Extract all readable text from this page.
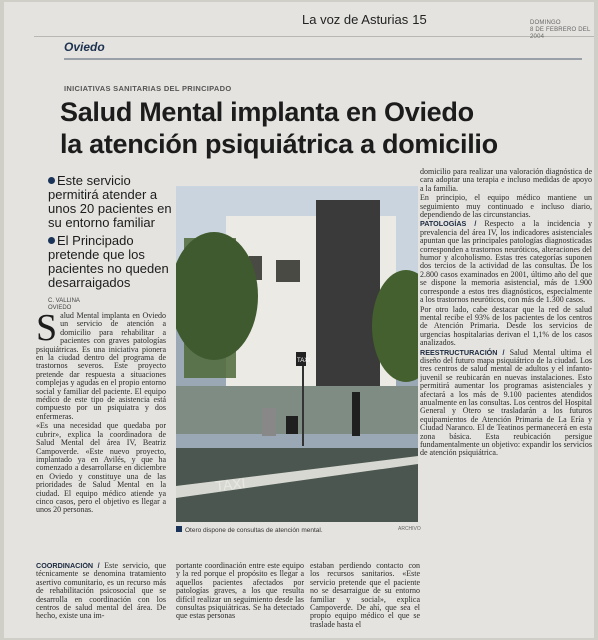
La voz de Asturias 15	DOMINGO
8 DE FEBRERO DEL 2004
Oviedo
INICIATIVAS SANITARIAS DEL PRINCIPADO
Salud Mental implanta en Oviedo
la atención psiquiátrica a domicilio
Este servicio permitirá atender a unos 20 pacientes en su entorno familiar
El Principado pretende que los pacientes no queden desarraigados
C. VALLINA
OVIEDO
S alud Mental implanta en Oviedo un servicio de atención a domicilio para rehabilitar a pacientes con graves patologías psiquiátricas. Es una iniciativa pionera en la ciudad dentro del programa de trastornos severos. Este proyecto pretende dar respuesta a situaciones complejas y agudas en el propio entorno social y familiar del paciente. El equipo médico de este tipo de asistencia está compuesto por un psiquiatra y dos enfermeras.

«Es una necesidad que quedaba por cubrir», explica la coordinadora de Salud Mental del área IV, Beatriz Campoverde. «Este nuevo proyecto, implantado ya en Avilés, y que ha comenzado a desarrollarse en diciembre en Oviedo y constituye una de las prioridades de Salud Mental en la ciudad. El equipo médico atiende ya cinco casos, pero el objetivo es llegar a unos 20 personas.

domicilio para realizar una valoración diagnóstica de cara adoptar una terapia e incluso medidas de apoyo a la familia.

En principio, el equipo médico mantiene un seguimiento muy continuado e incluso diario, dependiendo de las circunstancias.

PATOLOGÍAS / Respecto a la incidencia y prevalencia del área IV, los indicadores asistenciales apuntan que las principales patologías diagnosticadas corresponden a trastornos neuróticos, alteraciones del humor y alcoholismo. Estas tres categorías suponen dos tercios de la actividad de las consultas. De los 2.800 casos examinados en 2001, último año del que se dispone la memoria asistencial, más de 1.900 corresponde a estos tres diagnósticos, especialmente a los trastornos neuróticos, con más de 1.300 casos.

Por otro lado, cabe destacar que la red de salud mental recibe el 93% de los pacientes de los centros de Atención Primaria. Desde los servicios de urgencias hospitalarias derivan el 1,1% de los casos analizados.

REESTRUCTURACIÓN / Salud Mental ultima el diseño del futuro mapa psiquiátrico de la ciudad. Los tres centros de salud mental de adultos y el infanto-juvenil se reubicarán en nuevas instalaciones. Esto permitirá aumentar los programas asistenciales y afectará a los más de 9.100 pacientes atendidos anualmente en las consultas. Los centros del Hospital General y Otero se trasladarán a los futuros equipamientos de Atención Primaria de La Ería y Ciudad Naranco. El de Teatinos permanecerá en esta zona básica. Esta reubicación persigue fundamentalmente un objetivo: expandir los servicios de atención psiquiátrica.

TAXI
TAXI
Otero dispone de consultas de atención mental.	ARCHIVO

COORDINACIÓN / Este servicio, que técnicamente se denomina tratamiento asertivo comunitario, es un recurso más de rehabilitación psicosocial que se desarrolla en coordinación con los centros de salud mental del área. De hecho, existe una im-

portante coordinación entre este equipo y la red porque el propósito es llegar a aquellos pacientes afectados por patologías graves, a los que resulta difícil realizar un seguimiento desde las consultas psiquiátricas. Se ha detectado que estas personas

estaban perdiendo contacto con los recursos sanitarios. «Este servicio pretende que el paciente no se desarraigue de su entorno familiar y social», explica Campoverde. De ahí, que sea el propio equipo médico el que se traslade hasta el
